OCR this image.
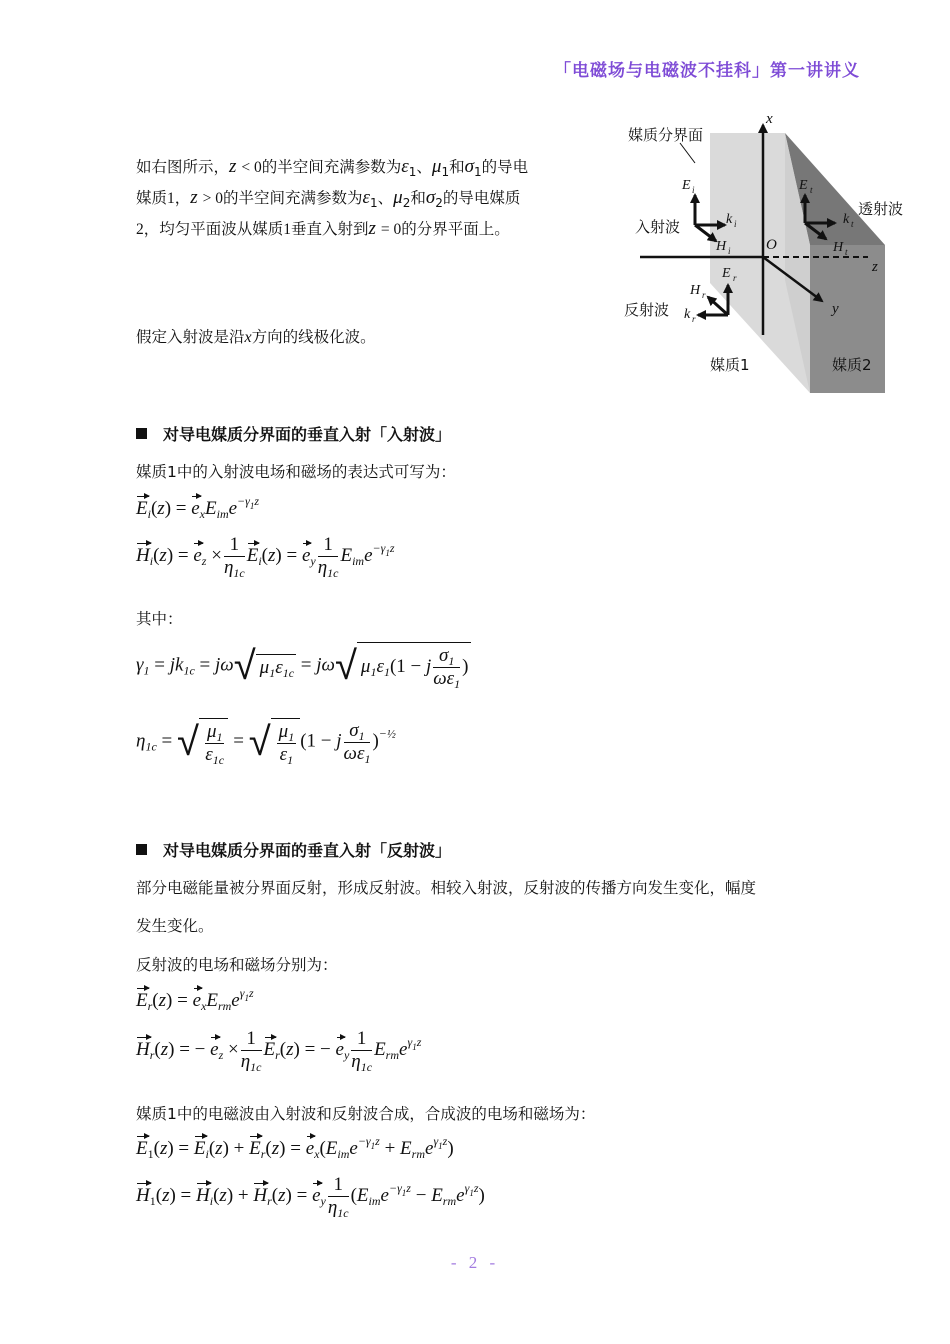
「电磁场与电磁波不挂科」第一讲讲义
如右图所示，z < 0的半空间充满参数为$\varepsilon_1$、$\mu_1$和$\sigma_1$的导电
媒质1，z > 0的半空间充满参数为$\varepsilon_1$、$\mu_2$和$\sigma_2$的导电媒质
2，均匀平面波从媒质1垂直入射到z = 0的分界平面上。
假定入射波是沿x方向的线极化波。
E i
k i
H i
E t
k t
H t
E r
H r
k r
O
x
z
y
媒质分界面
入射波
透射波
反射波
媒质1	媒质2
对导电媒质分界面的垂直入射「入射波」
媒质1中的入射波电场和磁场的表达式可写为：
$E_i(z) = e_xE_{im}e^{-\gamma_1z}$
$H_i(z) = e_z \times \frac{1}{\eta_{1c}} E_i(z) = e_y \frac{1}{\eta_{1c}} E_{im}e^{-\gamma_1z}$
其中：
$\gamma_1 = jk_{1c} = j\omega√$ $\mu_1\varepsilon_{1c} = j\omega√$ $\mu_1\varepsilon_1(1 - j \frac{\sigma_1}{\omega\varepsilon_1}$ )
$\eta_{1c}$ = √ $\frac{\mu_1}{\varepsilon_{1c}}$ = √ $\frac{\mu_1}{\varepsilon_1} (1 - j \frac{\sigma_1}{\omega\varepsilon_1} )^{-\frac{1}{2}}$
对导电媒质分界面的垂直入射「反射波」
部分电磁能量被分界面反射，形成反射波。相较入射波，反射波的传播方向发生变化，幅度
发生变化。
反射波的电场和磁场分别为：
$E_r(z) = e_xE_{rm}e^{\gamma_1z}$
$H_r(z)$ = − $e_z \times \frac{1}{\eta_{1c}} E_r(z)$ = − $e_y \frac{1}{\eta_{1c}} E_{rm}e^{\gamma_1z}$
媒质1中的电磁波由入射波和反射波合成，合成波的电场和磁场为：
$E_1(z) = E_i(z) + E_r(z) = e_x(E_{im}e^{-\gamma_1z} + E_{rm}e^{\gamma_1z})$
$H_1(z) = H_i(z) + H_r(z) = e_y \frac{1}{\eta_{1c}} (E_{im}e^{-\gamma_1z} - E_{rm}e^{\gamma_1z})$
- 2 -
